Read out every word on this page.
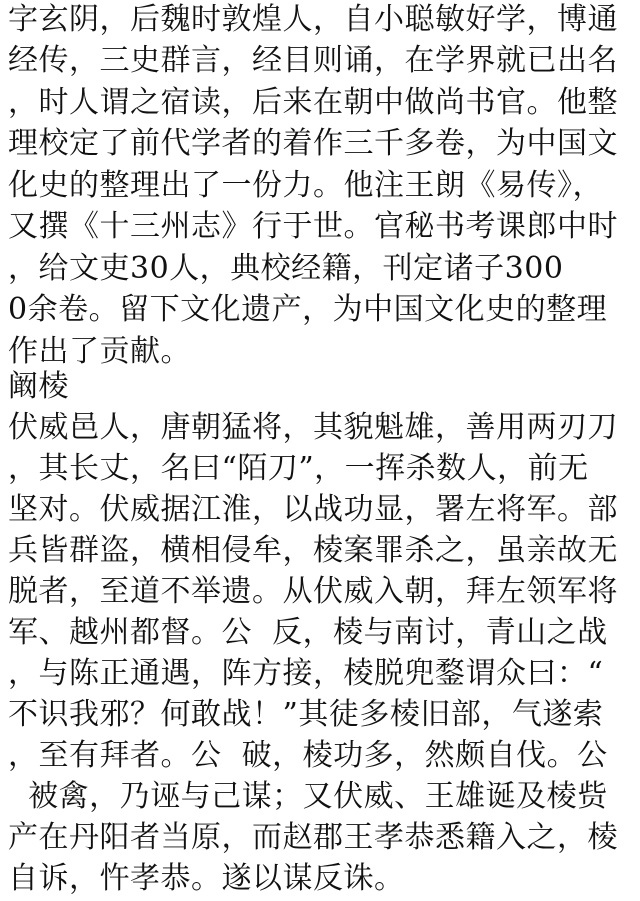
字玄阴，后魏时敦煌人，自小聪敏好学，博通
经传，三史群言，经目则诵，在学界就已出名
，时人谓之宿读，后来在朝中做尚书官。他整
理校定了前代学者的着作三千多卷，为中国文
化史的整理出了一份力。他注王朗《易传》，
又撰《十三州志》行于世。官秘书考课郎中时
，给文吏30人，典校经籍，刊定诸子300
0余卷。留下文化遗产，为中国文化史的整理
作出了贡献。
阚棱
伏威邑人，唐朝猛将，其貌魁雄，善用两刃刀
，其长丈，名曰“陌刀”，一挥杀数人，前无
坚对。伏威据江淮，以战功显，署左将军。部
兵皆群盗，横相侵牟，棱案罪杀之，虽亲故无
脱者，至道不举遗。从伏威入朝，拜左领军将
军、越州都督。公  反，棱与南讨，青山之战
，与陈正通遇，阵方接，棱脱兜鍪谓众曰：“
不识我邪？何敢战！”其徒多棱旧部，气遂索
，至有拜者。公  破，棱功多，然颇自伐。公
被禽，乃诬与己谋；又伏威、王雄诞及棱赀
产在丹阳者当原，而赵郡王孝恭悉籍入之，棱
自诉，忤孝恭。遂以谋反诛。
